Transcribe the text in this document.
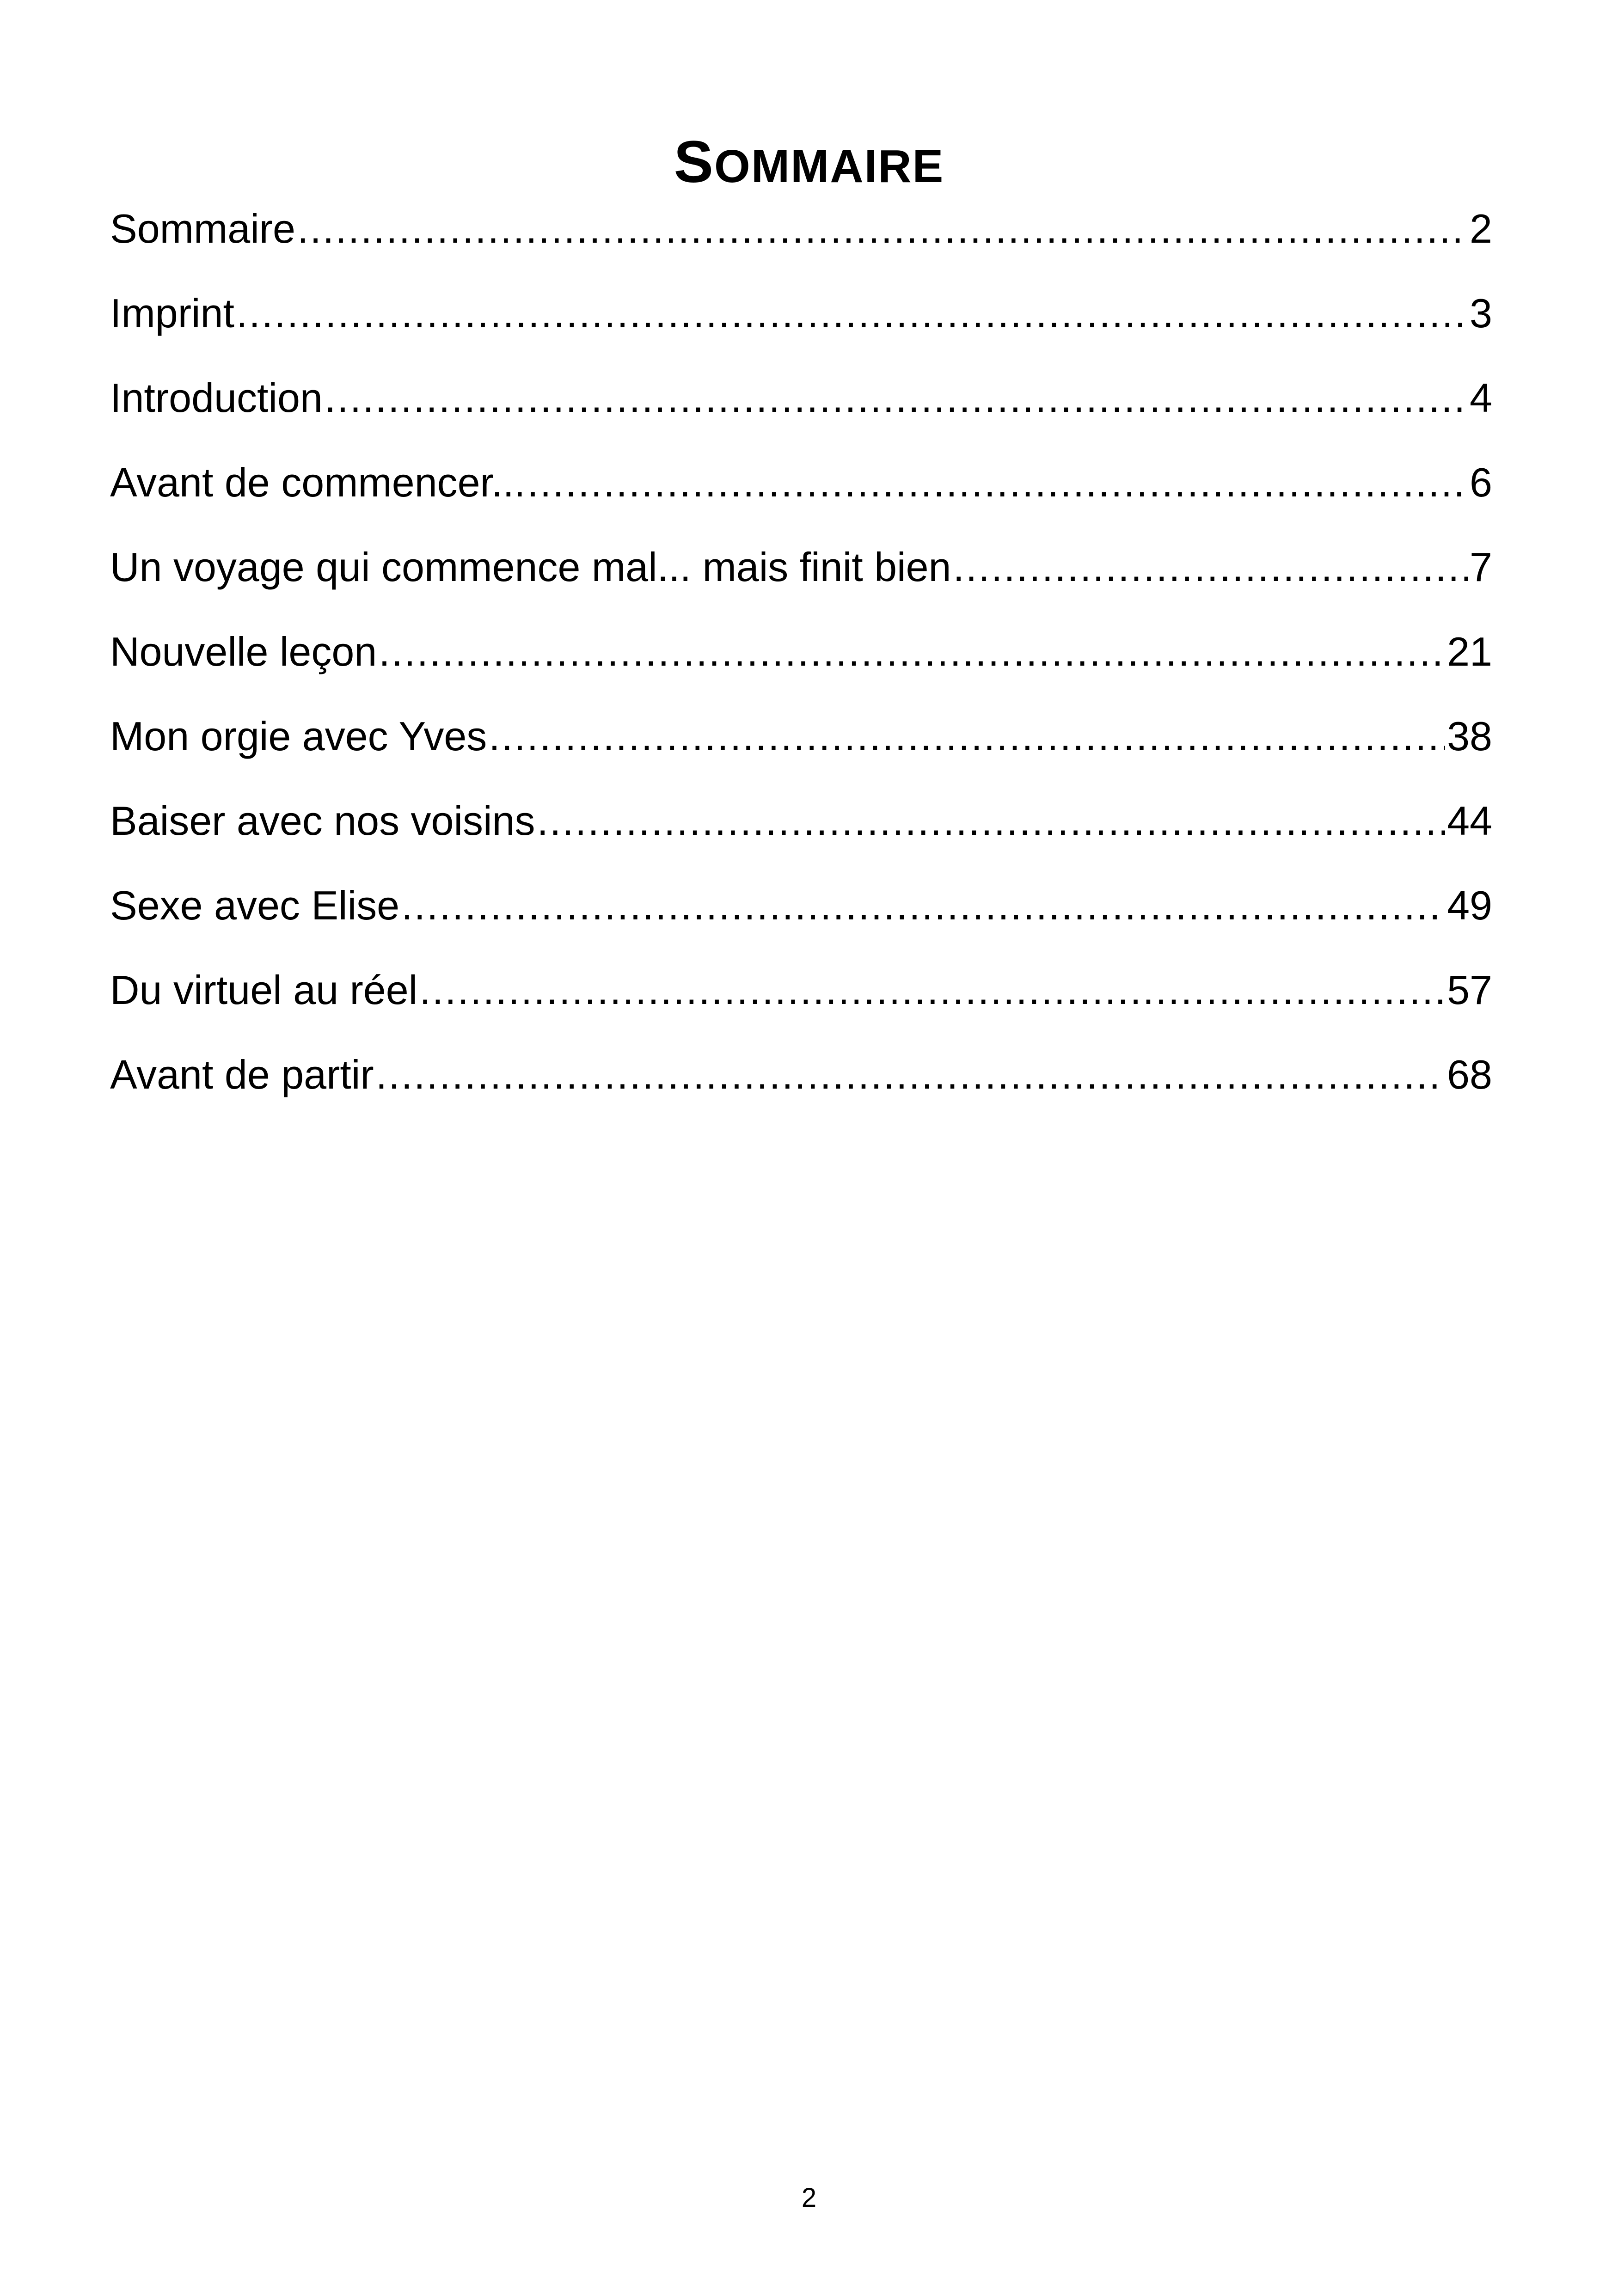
SOMMAIRE
Sommaire .....	2
Imprint .....	3
Introduction .....	4
Avant de commencer... .....	6
Un voyage qui commence mal... mais finit bien .....	7
Nouvelle leçon .....	21
Mon orgie avec Yves .....	38
Baiser avec nos voisins .....	44
Sexe avec Elise .....	49
Du virtuel au réel .....	57
Avant de partir .....	68
2
